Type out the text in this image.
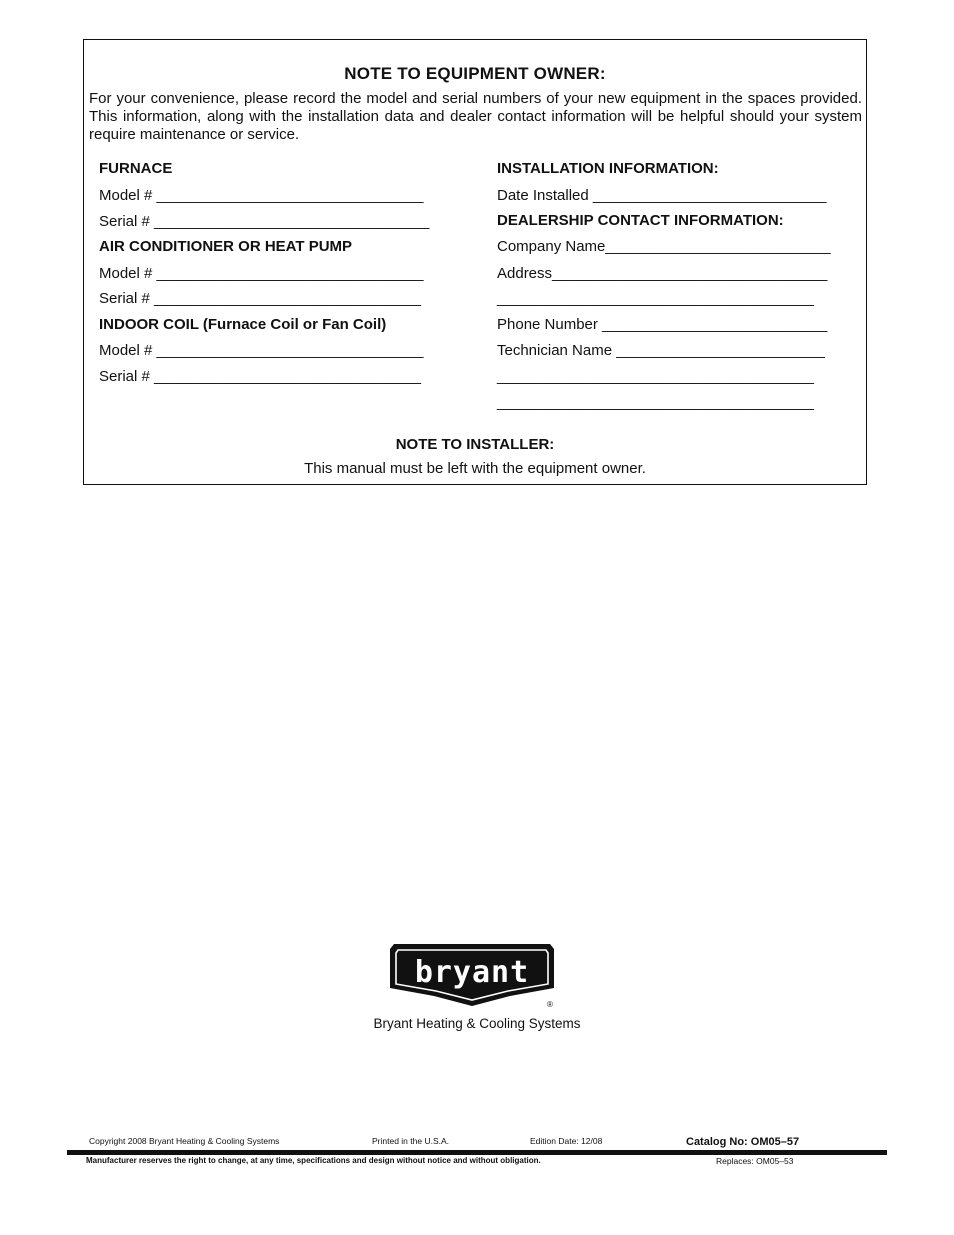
NOTE TO EQUIPMENT OWNER:
For your convenience, please record the model and serial numbers of your new equipment in the spaces provided. This information, along with the installation data and dealer contact information will be helpful should your system require maintenance or service.
NOTE TO INSTALLER:
This manual must be left with the equipment owner.
FURNACE
Model # ________________________________
Serial # _________________________________
AIR CONDITIONER OR HEAT PUMP
Model # ________________________________
Serial # ________________________________
INDOOR COIL (Furnace Coil or Fan Coil)
Model # ________________________________
Serial # ________________________________
INSTALLATION INFORMATION:
Date Installed ____________________________
DEALERSHIP CONTACT INFORMATION:
Company Name___________________________
Address_________________________________
______________________________________
Phone Number ___________________________
Technician Name _________________________
______________________________________
______________________________________
bryant
®
Bryant Heating & Cooling Systems
Copyright 2008 Bryant Heating & Cooling Systems	Printed in the U.S.A.	Edition Date: 12/08	Catalog No: OM05–57
Manufacturer reserves the right to change, at any time, specifications and design without notice and without obligation.	Replaces: OM05–53
